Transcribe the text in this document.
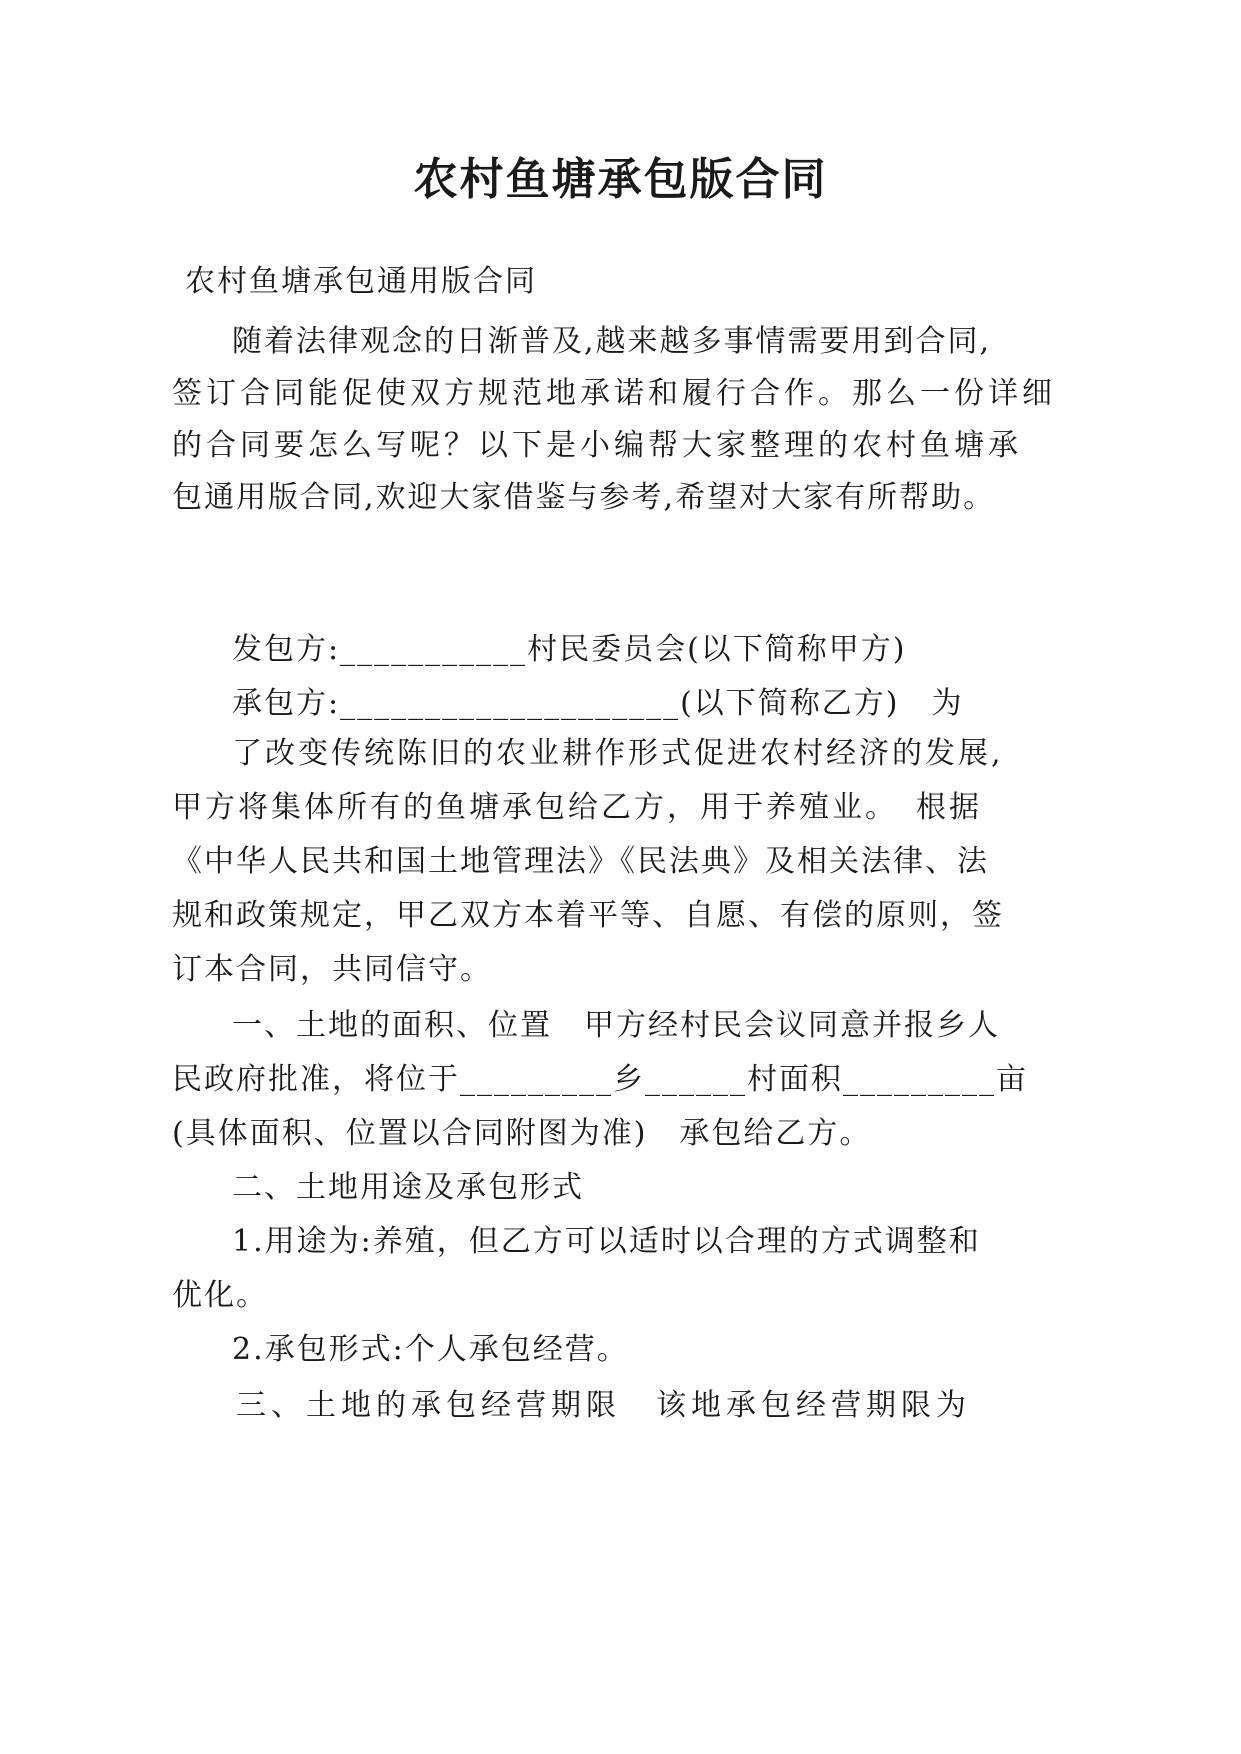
农村鱼塘承包版合同
农村鱼塘承包通用版合同
随着法律观念的日渐普及,越来越多事情需要用到合同,
签订合同能促使双方规范地承诺和履行合作。那么一份详细
的合同要怎么写呢？以下是小编帮大家整理的农村鱼塘承
包通用版合同,欢迎大家借鉴与参考,希望对大家有所帮助。
发包方:___________村民委员会(以下简称甲方)
承包方:____________________(以下简称乙方)　为
了改变传统陈旧的农业耕作形式促进农村经济的发展,
甲方将集体所有的鱼塘承包给乙方，用于养殖业。　根据
《中华人民共和国土地管理法》《民法典》及相关法律、法
规和政策规定，甲乙双方本着平等、自愿、有偿的原则，签
订本合同，共同信守。
一、土地的面积、位置　甲方经村民会议同意并报乡人
民政府批准，将位于_________乡______村面积_________亩
(具体面积、位置以合同附图为准)　承包给乙方。
二、土地用途及承包形式
1.用途为:养殖，但乙方可以适时以合理的方式调整和
优化。
2.承包形式:个人承包经营。
三、土地的承包经营期限　该地承包经营期限为
